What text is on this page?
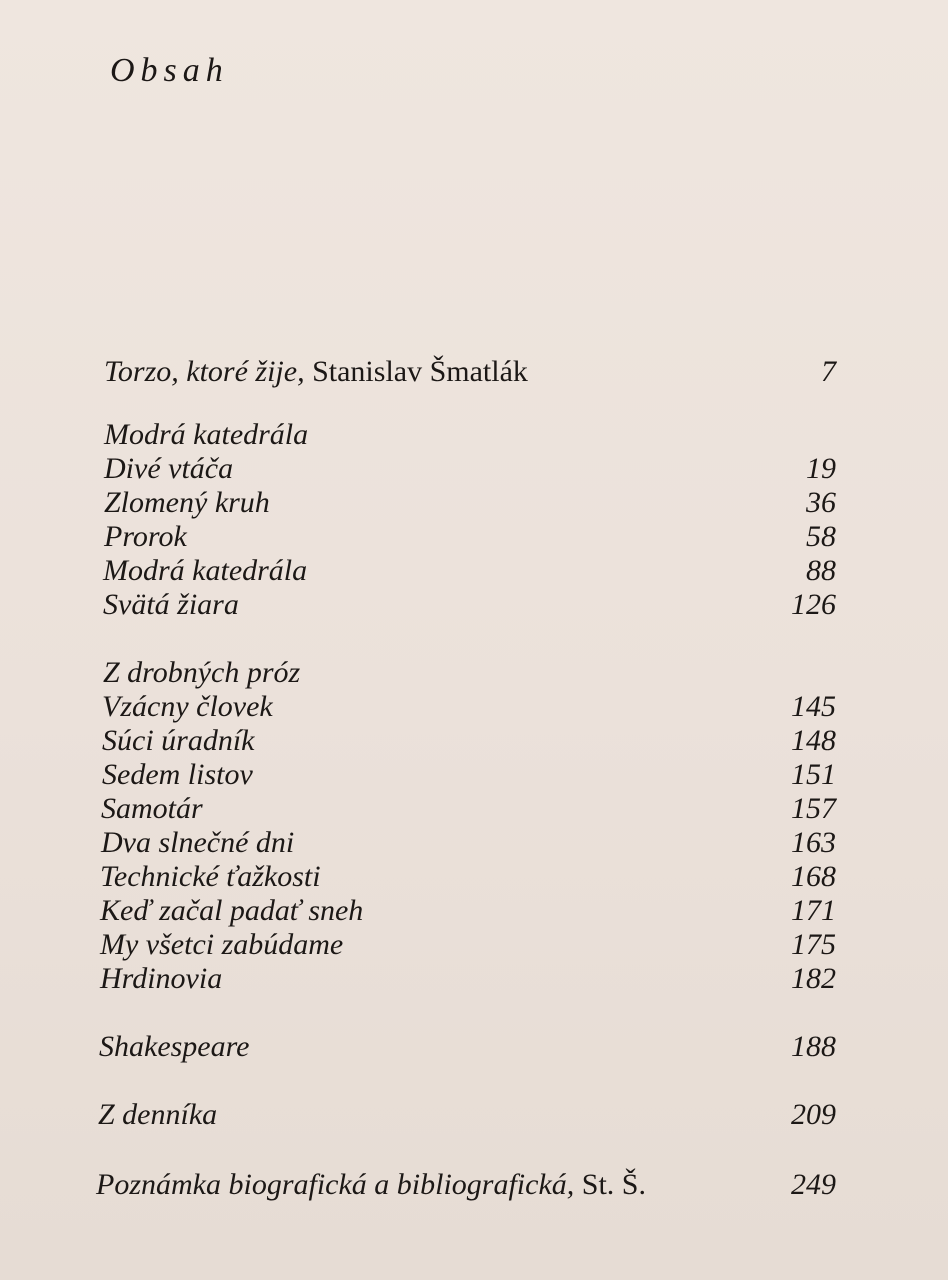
Obsah
Torzo, ktoré žije, Stanislav Šmatlák	7
Modrá katedrála
Divé vtáča	19
Zlomený kruh	36
Prorok	58
Modrá katedrála	88
Svätá žiara	126
Z drobných próz
Vzácny človek	145
Súci úradník	148
Sedem listov	151
Samotár	157
Dva slnečné dni	163
Technické ťažkosti	168
Keď začal padať sneh	171
My všetci zabúdame	175
Hrdinovia	182
Shakespeare	188
Z denníka	209
Poznámka biografická a bibliografická, St. Š.	249
